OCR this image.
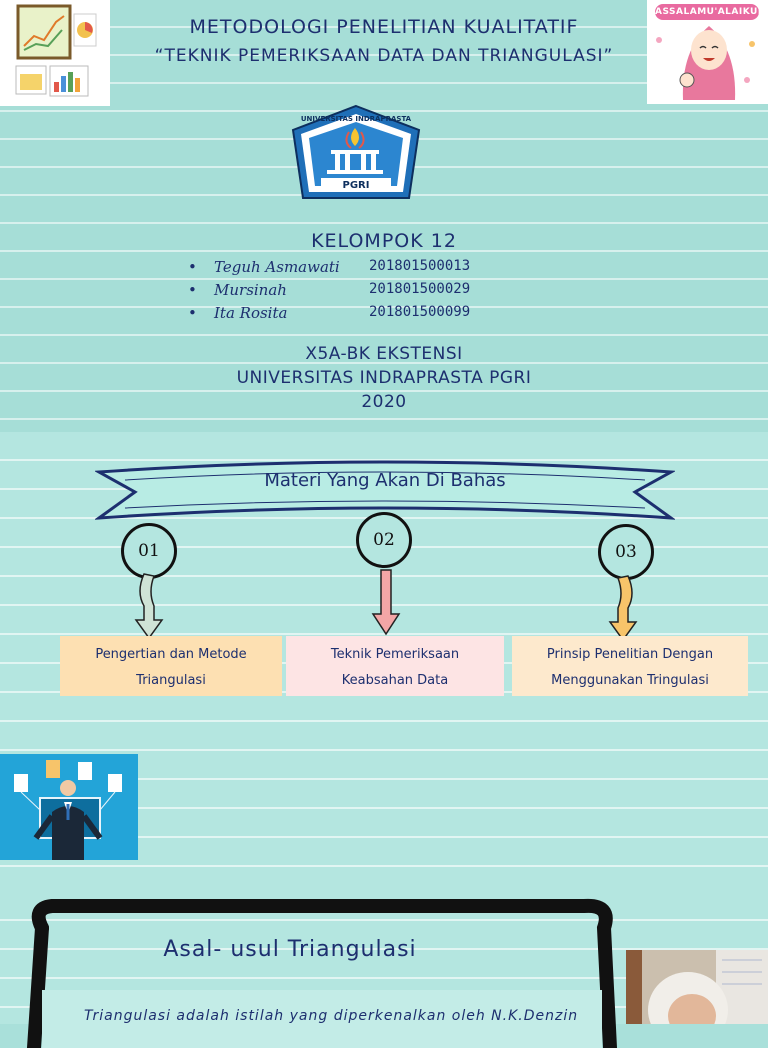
METODOLOGI PENELITIAN KUALITATIF
“TEKNIK PEMERIKSAAN DATA DAN TRIANGULASI”
ASSALAMU'ALAIKUM
PGRI
UNIVERSITAS INDRAPRASTA
KELOMPOK 12
• Teguh Asmawati 201801500013
• Mursinah	201801500029
• Ita Rosita	201801500099
X5A-BK EKSTENSI
UNIVERSITAS INDRAPRASTA PGRI
2020
Materi Yang Akan Di Bahas
01
02
03
Pengertian dan Metode
Triangulasi
Teknik Pemeriksaan
Keabsahan Data
Prinsip Penelitian Dengan
Menggunakan Tringulasi
Asal- usul Triangulasi
Triangulasi adalah istilah yang diperkenalkan oleh N.K.Denzin
